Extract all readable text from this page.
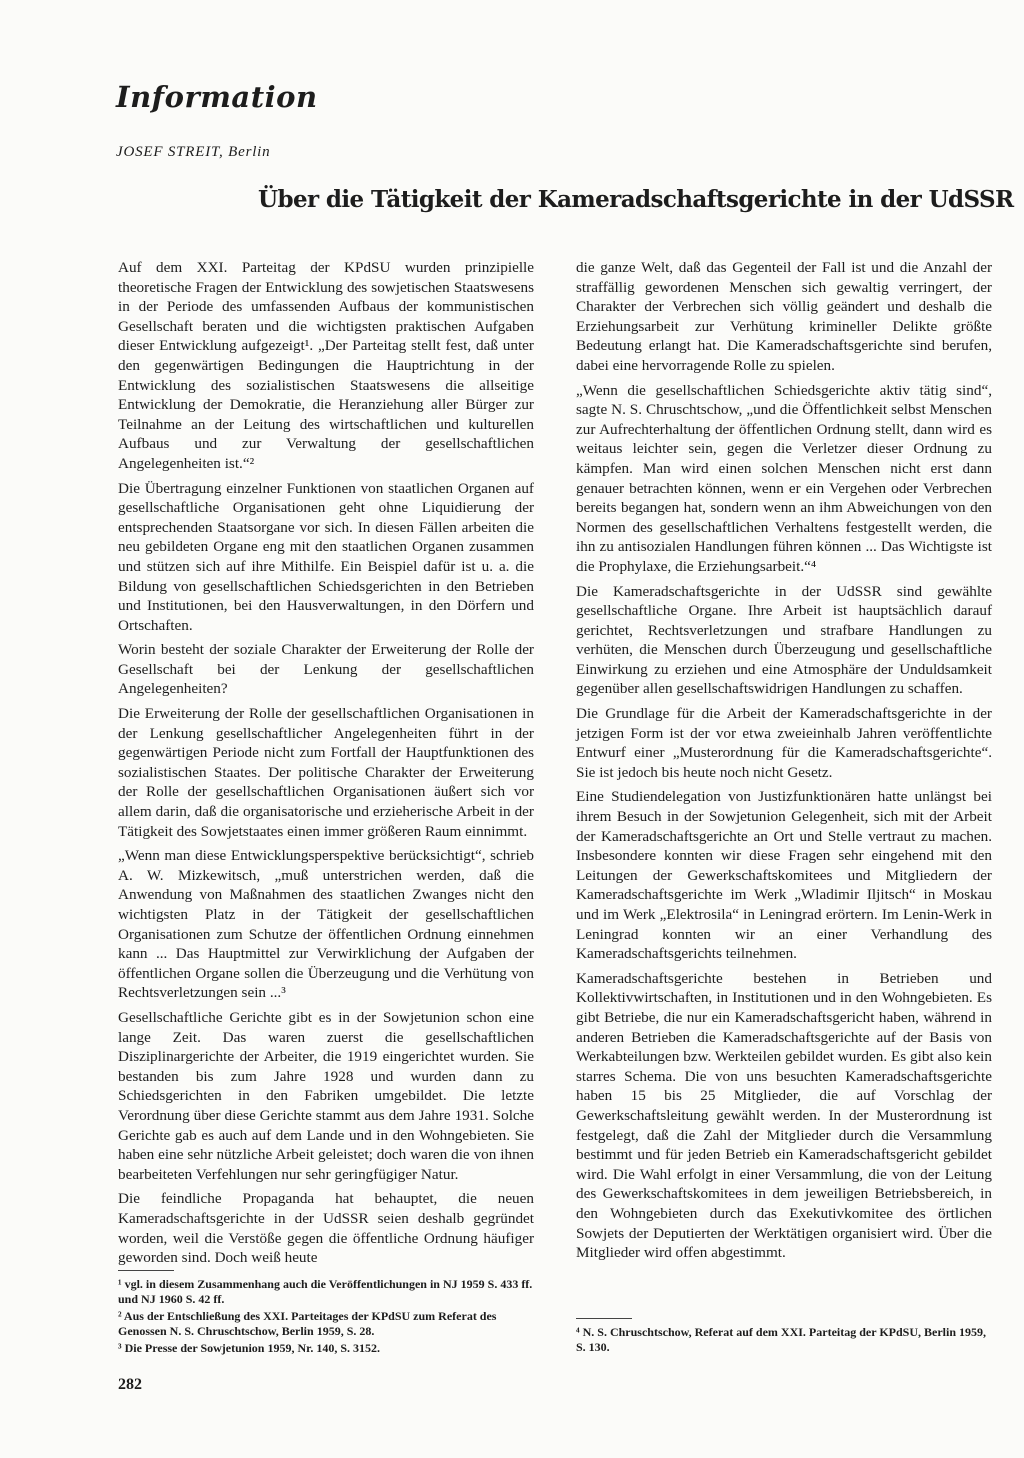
Information
JOSEF STREIT, Berlin
Über die Tätigkeit der Kameradschaftsgerichte in der UdSSR

Auf dem XXI. Parteitag der KPdSU wurden prinzipielle theoretische Fragen der Entwicklung des sowjetischen Staatswesens in der Periode des umfassenden Aufbaus der kommunistischen Gesellschaft beraten und die wichtigsten praktischen Aufgaben dieser Entwicklung aufgezeigt¹. „Der Parteitag stellt fest, daß unter den gegenwärtigen Bedingungen die Hauptrichtung in der Entwicklung des sozialistischen Staatswesens die allseitige Entwicklung der Demokratie, die Heranziehung aller Bürger zur Teilnahme an der Leitung des wirtschaftlichen und kulturellen Aufbaus und zur Verwaltung der gesellschaftlichen Angelegenheiten ist.“²

Die Übertragung einzelner Funktionen von staatlichen Organen auf gesellschaftliche Organisationen geht ohne Liquidierung der entsprechenden Staatsorgane vor sich. In diesen Fällen arbeiten die neu gebildeten Organe eng mit den staatlichen Organen zusammen und stützen sich auf ihre Mithilfe. Ein Beispiel dafür ist u. a. die Bildung von gesellschaftlichen Schiedsgerichten in den Betrieben und Institutionen, bei den Hausverwaltungen, in den Dörfern und Ortschaften.

Worin besteht der soziale Charakter der Erweiterung der Rolle der Gesellschaft bei der Lenkung der gesellschaftlichen Angelegenheiten?

Die Erweiterung der Rolle der gesellschaftlichen Organisationen in der Lenkung gesellschaftlicher Angelegenheiten führt in der gegenwärtigen Periode nicht zum Fortfall der Hauptfunktionen des sozialistischen Staates. Der politische Charakter der Erweiterung der Rolle der gesellschaftlichen Organisationen äußert sich vor allem darin, daß die organisatorische und erzieherische Arbeit in der Tätigkeit des Sowjetstaates einen immer größeren Raum einnimmt.

„Wenn man diese Entwicklungsperspektive berücksichtigt“, schrieb A. W. Mizkewitsch, „muß unterstrichen werden, daß die Anwendung von Maßnahmen des staatlichen Zwanges nicht den wichtigsten Platz in der Tätigkeit der gesellschaftlichen Organisationen zum Schutze der öffentlichen Ordnung einnehmen kann ... Das Hauptmittel zur Verwirklichung der Aufgaben der öffentlichen Organe sollen die Überzeugung und die Verhütung von Rechtsverletzungen sein ...³

Gesellschaftliche Gerichte gibt es in der Sowjetunion schon eine lange Zeit. Das waren zuerst die gesellschaftlichen Disziplinargerichte der Arbeiter, die 1919 eingerichtet wurden. Sie bestanden bis zum Jahre 1928 und wurden dann zu Schiedsgerichten in den Fabriken umgebildet. Die letzte Verordnung über diese Gerichte stammt aus dem Jahre 1931. Solche Gerichte gab es auch auf dem Lande und in den Wohngebieten. Sie haben eine sehr nützliche Arbeit geleistet; doch waren die von ihnen bearbeiteten Verfehlungen nur sehr geringfügiger Natur.

Die feindliche Propaganda hat behauptet, die neuen Kameradschaftsgerichte in der UdSSR seien deshalb gegründet worden, weil die Verstöße gegen die öffentliche Ordnung häufiger geworden sind. Doch weiß heute

die ganze Welt, daß das Gegenteil der Fall ist und die Anzahl der straffällig gewordenen Menschen sich gewaltig verringert, der Charakter der Verbrechen sich völlig geändert und deshalb die Erziehungsarbeit zur Verhütung krimineller Delikte größte Bedeutung erlangt hat. Die Kameradschaftsgerichte sind berufen, dabei eine hervorragende Rolle zu spielen.

„Wenn die gesellschaftlichen Schiedsgerichte aktiv tätig sind“, sagte N. S. Chruschtschow, „und die Öffentlichkeit selbst Menschen zur Aufrechterhaltung der öffentlichen Ordnung stellt, dann wird es weitaus leichter sein, gegen die Verletzer dieser Ordnung zu kämpfen. Man wird einen solchen Menschen nicht erst dann genauer betrachten können, wenn er ein Vergehen oder Verbrechen bereits begangen hat, sondern wenn an ihm Abweichungen von den Normen des gesellschaftlichen Verhaltens festgestellt werden, die ihn zu antisozialen Handlungen führen können ... Das Wichtigste ist die Prophylaxe, die Erziehungsarbeit.“⁴

Die Kameradschaftsgerichte in der UdSSR sind gewählte gesellschaftliche Organe. Ihre Arbeit ist hauptsächlich darauf gerichtet, Rechtsverletzungen und strafbare Handlungen zu verhüten, die Menschen durch Überzeugung und gesellschaftliche Einwirkung zu erziehen und eine Atmosphäre der Unduldsamkeit gegenüber allen gesellschaftswidrigen Handlungen zu schaffen.

Die Grundlage für die Arbeit der Kameradschaftsgerichte in der jetzigen Form ist der vor etwa zweieinhalb Jahren veröffentlichte Entwurf einer „Musterordnung für die Kameradschaftsgerichte“. Sie ist jedoch bis heute noch nicht Gesetz.

Eine Studiendelegation von Justizfunktionären hatte unlängst bei ihrem Besuch in der Sowjetunion Gelegenheit, sich mit der Arbeit der Kameradschaftsgerichte an Ort und Stelle vertraut zu machen. Insbesondere konnten wir diese Fragen sehr eingehend mit den Leitungen der Gewerkschaftskomitees und Mitgliedern der Kameradschaftsgerichte im Werk „Wladimir Iljitsch“ in Moskau und im Werk „Elektrosila“ in Leningrad erörtern. Im Lenin-Werk in Leningrad konnten wir an einer Verhandlung des Kameradschaftsgerichts teilnehmen.

Kameradschaftsgerichte bestehen in Betrieben und Kollektivwirtschaften, in Institutionen und in den Wohngebieten. Es gibt Betriebe, die nur ein Kameradschaftsgericht haben, während in anderen Betrieben die Kameradschaftsgerichte auf der Basis von Werkabteilungen bzw. Werkteilen gebildet wurden. Es gibt also kein starres Schema. Die von uns besuchten Kameradschaftsgerichte haben 15 bis 25 Mitglieder, die auf Vorschlag der Gewerkschaftsleitung gewählt werden. In der Musterordnung ist festgelegt, daß die Zahl der Mitglieder durch die Versammlung bestimmt und für jeden Betrieb ein Kameradschaftsgericht gebildet wird. Die Wahl erfolgt in einer Versammlung, die von der Leitung des Gewerkschaftskomitees in dem jeweiligen Betriebsbereich, in den Wohngebieten durch das Exekutivkomitee des örtlichen Sowjets der Deputierten der Werktätigen organisiert wird. Über die Mitglieder wird offen abgestimmt.

¹ vgl. in diesem Zusammenhang auch die Veröffentlichungen in NJ 1959 S. 433 ff. und NJ 1960 S. 42 ff.

² Aus der Entschließung des XXI. Parteitages der KPdSU zum Referat des Genossen N. S. Chruschtschow, Berlin 1959, S. 28.

³ Die Presse der Sowjetunion 1959, Nr. 140, S. 3152.

⁴ N. S. Chruschtschow, Referat auf dem XXI. Parteitag der KPdSU, Berlin 1959, S. 130.

282
